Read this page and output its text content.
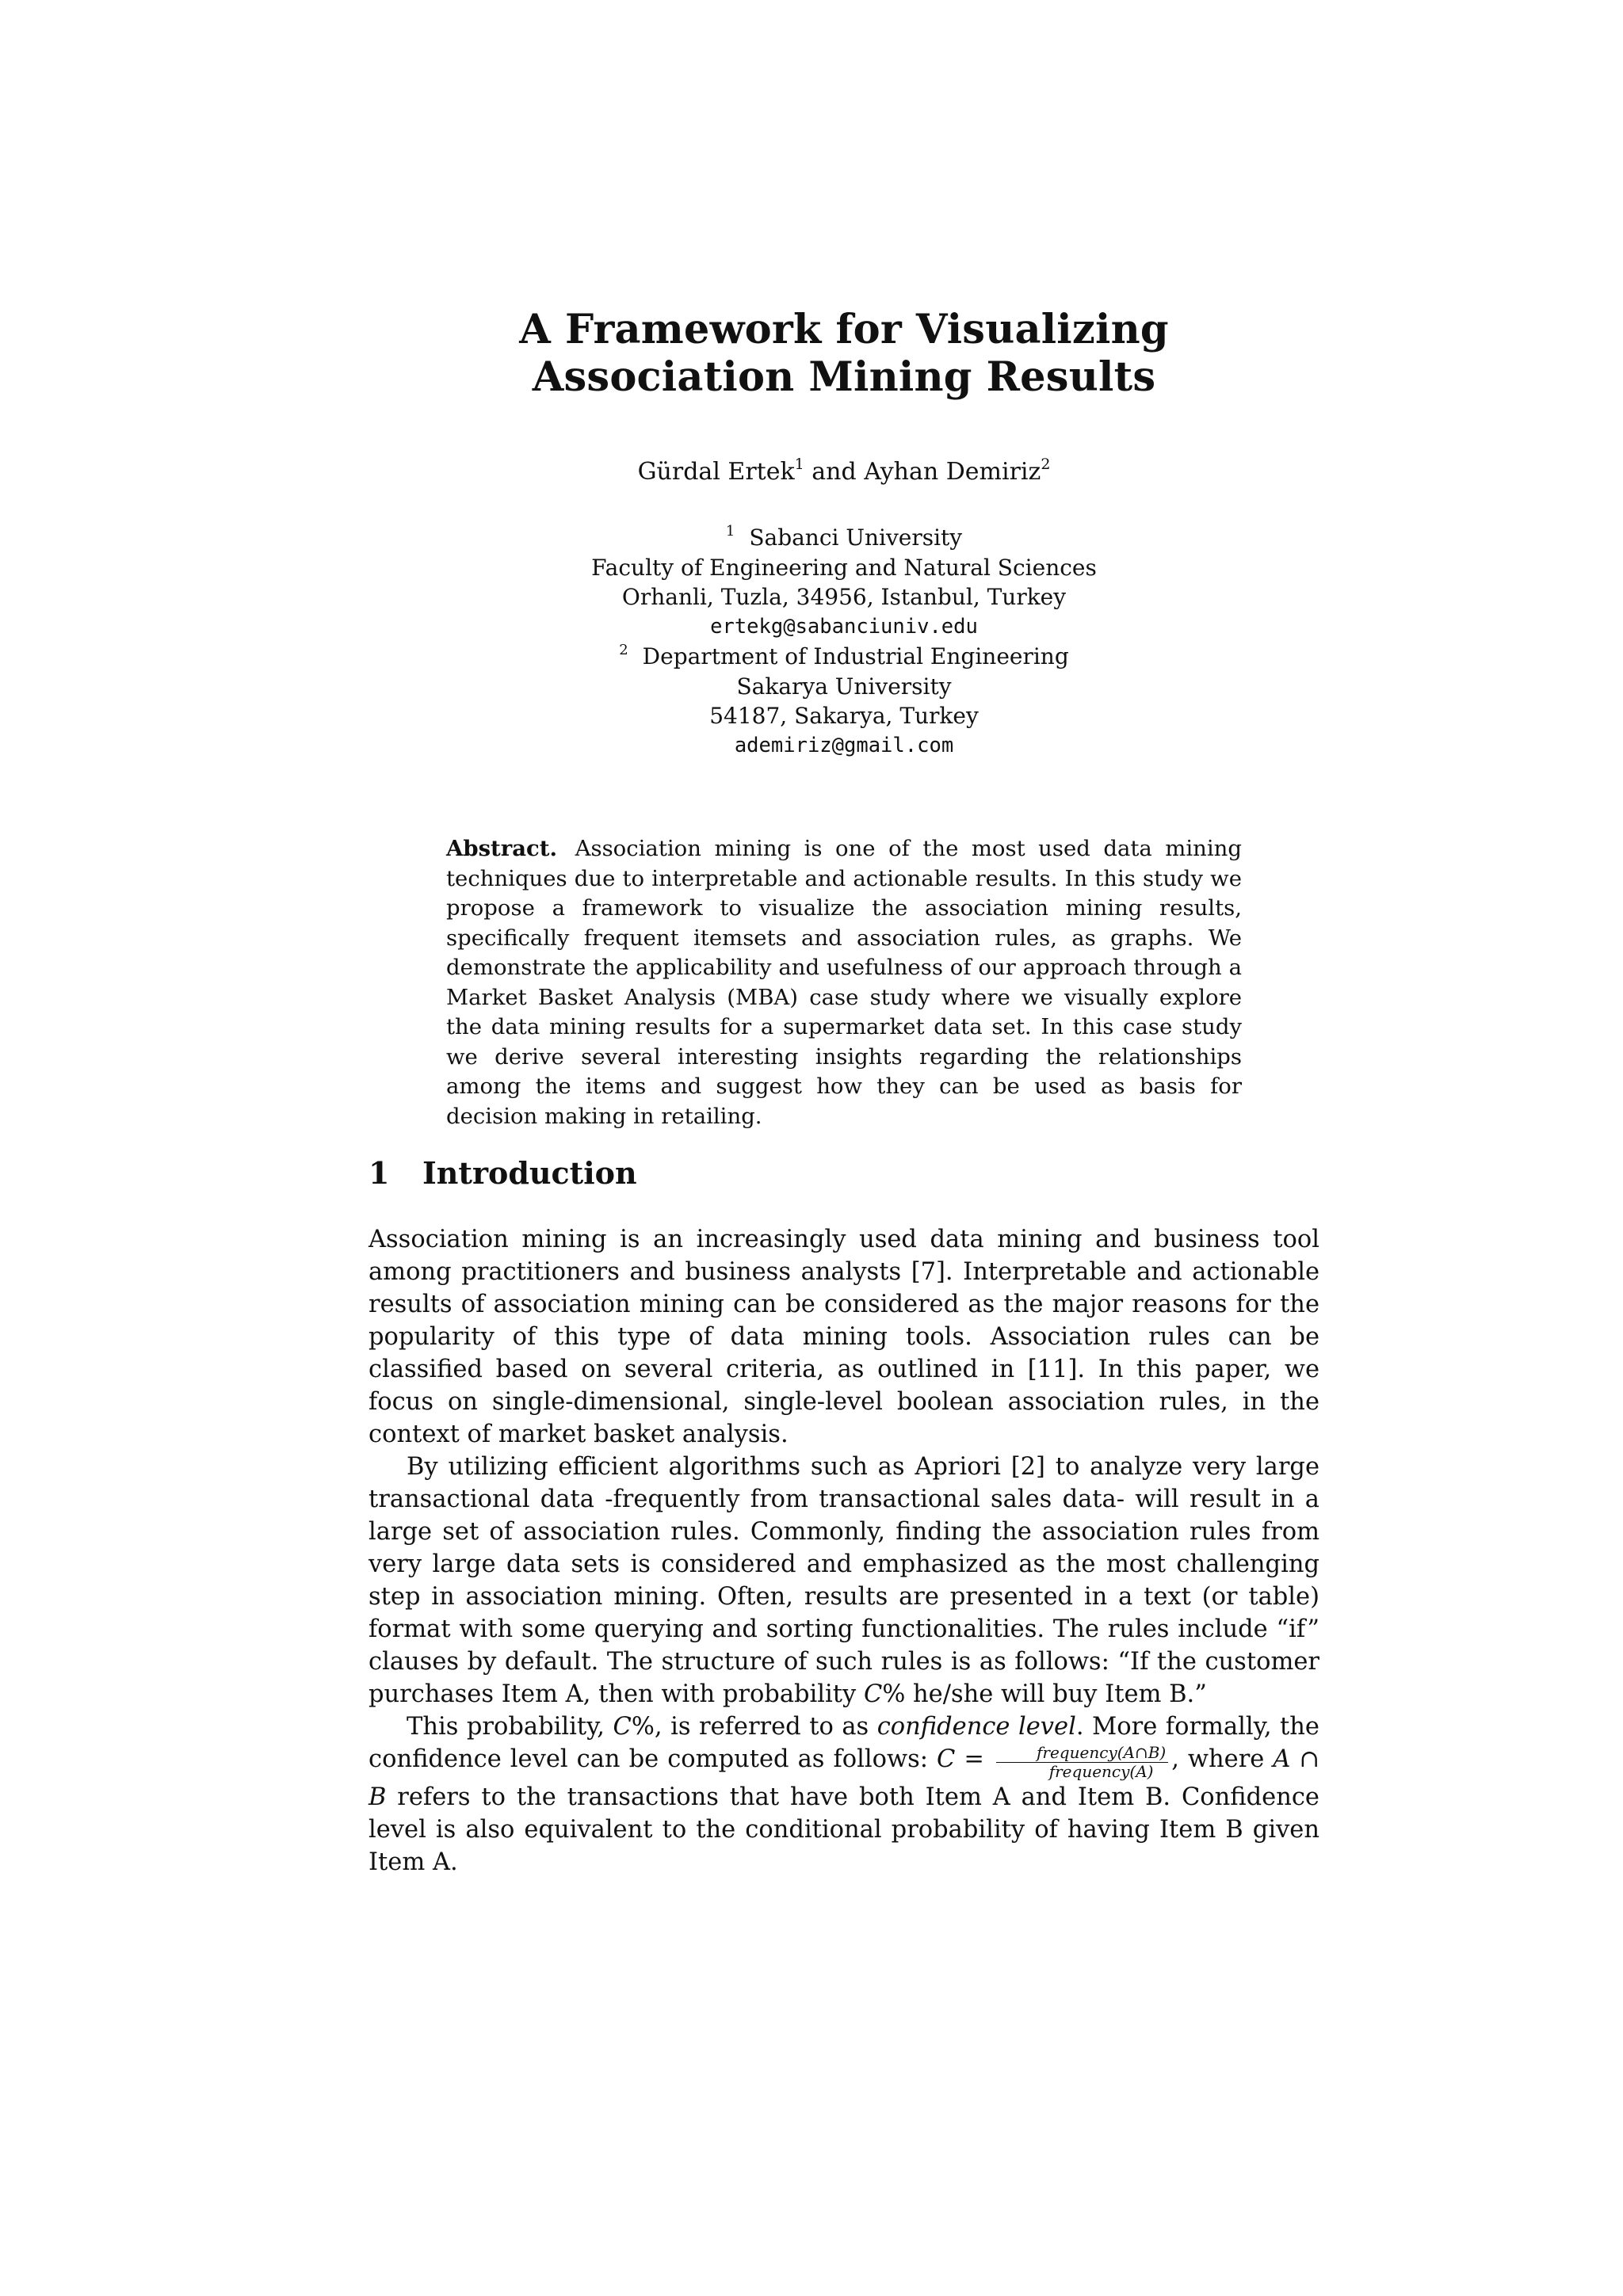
A Framework for Visualizing
Association Mining Results
Gürdal Ertek$^1$ and Ayhan Demiriz$^2$
$^1$ Sabanci University
Faculty of Engineering and Natural Sciences
Orhanli, Tuzla, 34956, Istanbul, Turkey
ertekg@sabanciuniv.edu
$^2$ Department of Industrial Engineering
Sakarya University
54187, Sakarya, Turkey
ademiriz@gmail.com
Abstract. Association mining is one of the most used data mining techniques due to interpretable and actionable results. In this study we propose a framework to visualize the association mining results, specifically frequent itemsets and association rules, as graphs. We demonstrate the applicability and usefulness of our approach through a Market Basket Analysis (MBA) case study where we visually explore the data mining results for a supermarket data set. In this case study we derive several interesting insights regarding the relationships among the items and suggest how they can be used as basis for decision making in retailing.
1 Introduction

Association mining is an increasingly used data mining and business tool among practitioners and business analysts [7]. Interpretable and actionable results of association mining can be considered as the major reasons for the popularity of this type of data mining tools. Association rules can be classified based on several criteria, as outlined in [11]. In this paper, we focus on single-dimensional, single-level boolean association rules, in the context of market basket analysis.

By utilizing efficient algorithms such as Apriori [2] to analyze very large transactional data -frequently from transactional sales data- will result in a large set of association rules. Commonly, finding the association rules from very large data sets is considered and emphasized as the most challenging step in association mining. Often, results are presented in a text (or table) format with some querying and sorting functionalities. The rules include “if” clauses by default. The structure of such rules is as follows: “If the customer purchases Item A, then with probability C% he/she will buy Item B.”

This probability, C%, is referred to as confidence level. More formally, the confidence level can be computed as follows: $C = \frac{\text{frequency(A∩B)}}{\text{frequency(A)}}$ , where A ∩ B refers to the transactions that have both Item A and Item B. Confidence level is also equivalent to the conditional probability of having Item B given Item A.
